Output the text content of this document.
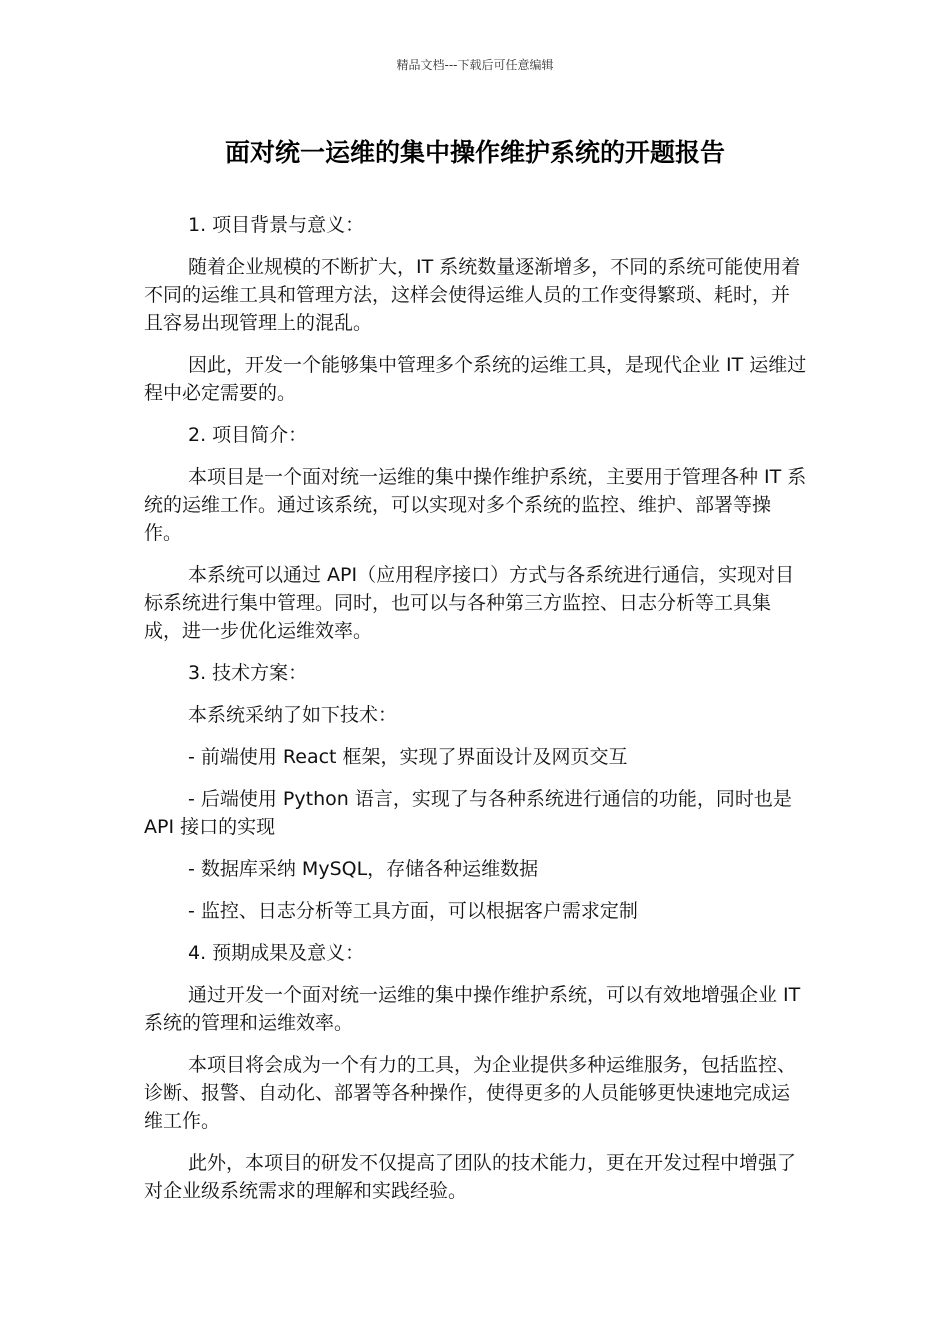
精品文档---下载后可任意编辑
面对统一运维的集中操作维护系统的开题报告

1. 项目背景与意义：

随着企业规模的不断扩大，IT 系统数量逐渐增多，不同的系统可能使用着不同的运维工具和管理方法，这样会使得运维人员的工作变得繁琐、耗时，并且容易出现管理上的混乱。

因此，开发一个能够集中管理多个系统的运维工具，是现代企业 IT 运维过程中必定需要的。

2. 项目简介：

本项目是一个面对统一运维的集中操作维护系统，主要用于管理各种 IT 系统的运维工作。通过该系统，可以实现对多个系统的监控、维护、部署等操作。

本系统可以通过 API（应用程序接口）方式与各系统进行通信，实现对目标系统进行集中管理。同时，也可以与各种第三方监控、日志分析等工具集成，进一步优化运维效率。

3. 技术方案：

本系统采纳了如下技术：

- 前端使用 React 框架，实现了界面设计及网页交互

- 后端使用 Python 语言，实现了与各种系统进行通信的功能，同时也是 API 接口的实现

- 数据库采纳 MySQL，存储各种运维数据

- 监控、日志分析等工具方面，可以根据客户需求定制

4. 预期成果及意义：

通过开发一个面对统一运维的集中操作维护系统，可以有效地增强企业 IT 系统的管理和运维效率。

本项目将会成为一个有力的工具，为企业提供多种运维服务，包括监控、诊断、报警、自动化、部署等各种操作，使得更多的人员能够更快速地完成运维工作。

此外，本项目的研发不仅提高了团队的技术能力，更在开发过程中增强了对企业级系统需求的理解和实践经验。
